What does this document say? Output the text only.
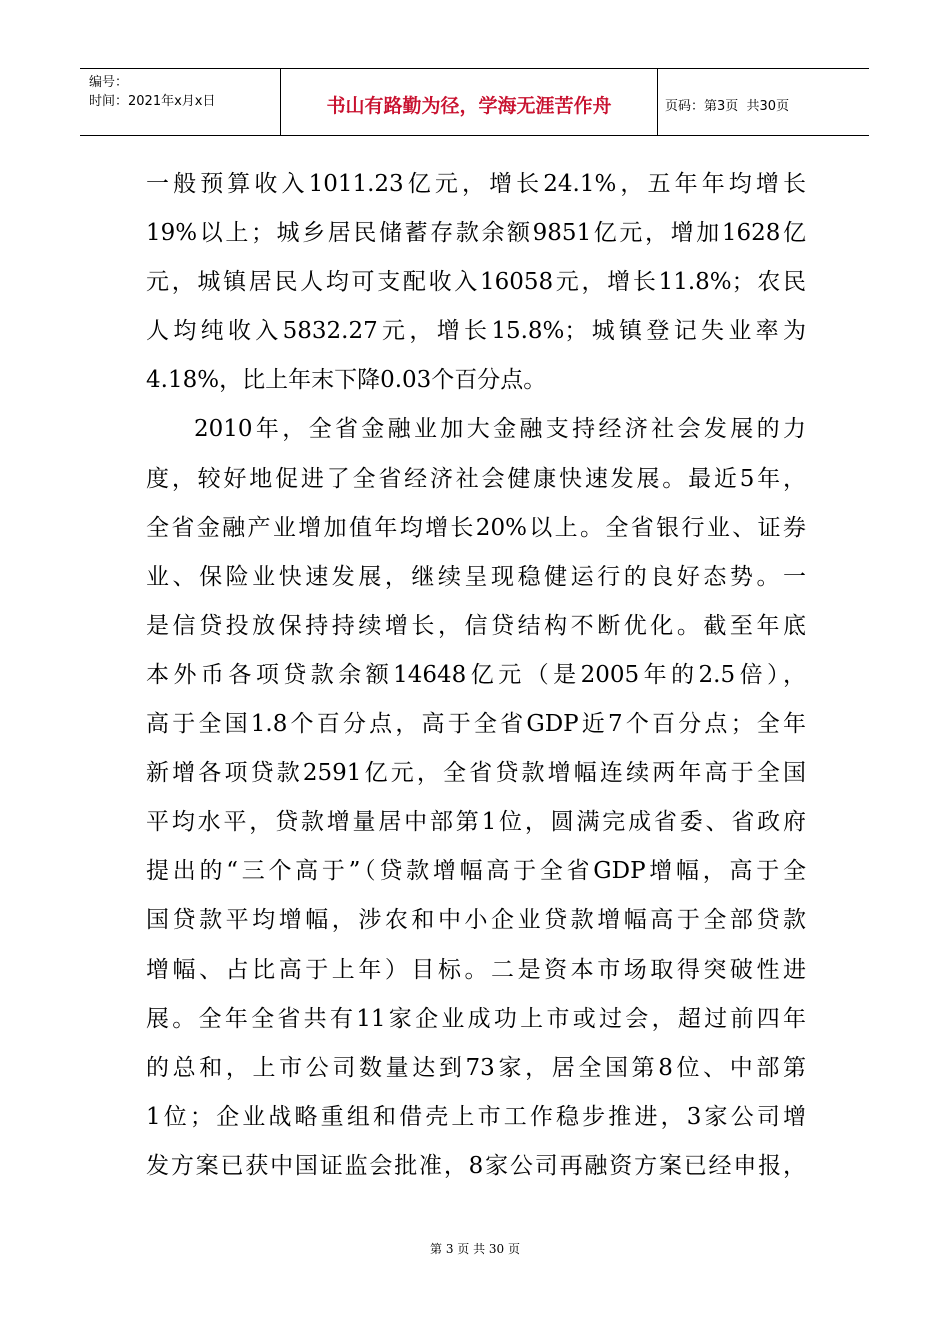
编号：
时间：2021年x月x日	书山有路勤为径，学海无涯苦作舟	页码：第3页  共30页
一般预算收入1011.23亿元，增长24.1%，五年年均增长
19%以上；城乡居民储蓄存款余额9851亿元，增加1628亿
元，城镇居民人均可支配收入16058元，增长11.8%；农民
人均纯收入5832.27元，增长15.8%；城镇登记失业率为
4.18%，比上年末下降0.03个百分点。
2010年，全省金融业加大金融支持经济社会发展的力
度，较好地促进了全省经济社会健康快速发展。最近5年，
全省金融产业增加值年均增长20%以上。全省银行业、证券
业、保险业快速发展，继续呈现稳健运行的良好态势。一
是信贷投放保持持续增长，信贷结构不断优化。截至年底
本外币各项贷款余额14648亿元（是2005年的2.5倍），
高于全国1.8个百分点，高于全省GDP近7个百分点；全年
新增各项贷款2591亿元，全省贷款增幅连续两年高于全国
平均水平，贷款增量居中部第1位，圆满完成省委、省政府
提出的“三个高于”（贷款增幅高于全省GDP增幅，高于全
国贷款平均增幅，涉农和中小企业贷款增幅高于全部贷款
增幅、占比高于上年）目标。二是资本市场取得突破性进
展。全年全省共有11家企业成功上市或过会，超过前四年
的总和，上市公司数量达到73家，居全国第8位、中部第
1位；企业战略重组和借壳上市工作稳步推进，3家公司增
发方案已获中国证监会批准，8家公司再融资方案已经申报，
第 3 页 共 30 页
